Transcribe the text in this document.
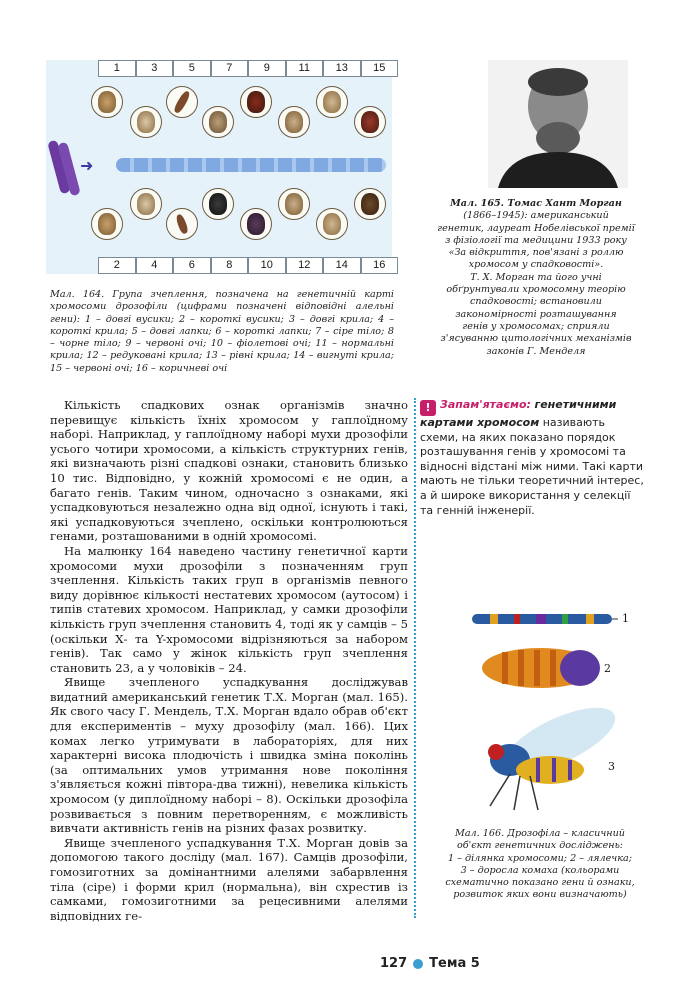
1	3	5	7	9	11	13	15
➜
2	4	6	8	10	12	14	16
Мал. 164. Група зчеплення, позначена на генетичній карті хромосоми дрозофіли (цифрами позначені відповідні алельні гени): 1 – довгі вусики; 2 – короткі вусики; 3 – довгі крила; 4 – короткі крила; 5 – довгі лапки; 6 – короткі лапки; 7 – сіре тіло; 8 – чорне тіло; 9 – червоні очі; 10 – фіолетові очі; 11 – нормальні крила; 12 – редуковані крила; 13 – рівні крила; 14 – вигнуті крила; 15 – червоні очі; 16 – коричневі очі
Мал. 165. Томас Хант Морган
(1866–1945): американський
генетик, лауреат Нобелівської премії
з фізіології та медицини 1933 року
«За відкриття, пов'язані з роллю
хромосом у спадковості».
Т. Х. Морган та його учні
обґрунтували хромосомну теорію
спадковості; встановили
закономірності розташування
генів у хромосомах; сприяли
з'ясуванню цитологічних механізмів
законів Г. Менделя

Кількість спадкових ознак організмів значно перевищує кількість їхніх хромосом у гаплоїдному наборі. Наприклад, у гаплоїдному наборі мухи дрозофіли усього чотири хромосоми, а кількість структурних генів, які визначають різні спадкові ознаки, становить близько 10 тис. Відповідно, у кожній хромосомі є не один, а багато генів. Таким чином, одночасно з ознаками, які успадковуються незалежно одна від одної, існують і такі, які успадковуються зчеплено, оскільки контролюються генами, розташованими в одній хромосомі.

На малюнку 164 наведено частину генетичної карти хромосоми мухи дрозофіли з позначенням груп зчеплення. Кількість таких груп в організмів певного виду дорівнює кількості нестатевих хромосом (аутосом) і типів статевих хромосом. Наприклад, у самки дрозофіли кількість груп зчеплення становить 4, тоді як у самців – 5 (оскільки Х- та Y-хромосоми відрізняються за набором генів). Так само у жінок кількість груп зчеплення становить 23, а у чоловіків – 24.

Явище зчепленого успадкування досліджував видатний американський генетик Т.Х. Морган (мал. 165). Як свого часу Г. Мендель, Т.Х. Морган вдало обрав об'єкт для експериментів – муху дрозофілу (мал. 166). Цих комах легко утримувати в лабораторіях, для них характерні висока плодючість і швидка зміна поколінь (за оптимальних умов утримання нове покоління з'являється кожні півтора-два тижні), невелика кількість хромосом (у диплоїдному наборі – 8). Оскільки дрозофіла розвивається з повним перетворенням, є можливість вивчати активність генів на різних фазах розвитку.

Явище зчепленого успадкування Т.Х. Морган довів за допомогою такого досліду (мал. 167). Самців дрозофіли, гомозиготних за домінантними алелями забарвлення тіла (сіре) і форми крил (нормальна), він схрестив із самками, гомозиготними за рецесивними алелями відповідних ге-

! Запам'ятаємо: генетичними картами хромосом називають схеми, на яких показано порядок розташування генів у хромосомі та відносні відстані між ними. Такі карти мають не тільки теоретичний інтерес, а й широке використання у селекції та генній інженерії.
1
2
3
Мал. 166. Дрозофіла – класичний
об'єкт генетичних досліджень:
1 – ділянка хромосоми; 2 – лялечка;
3 – доросла комаха (кольорами
схематично показано гени й ознаки,
розвиток яких вони визначають)
127 Тема 5
